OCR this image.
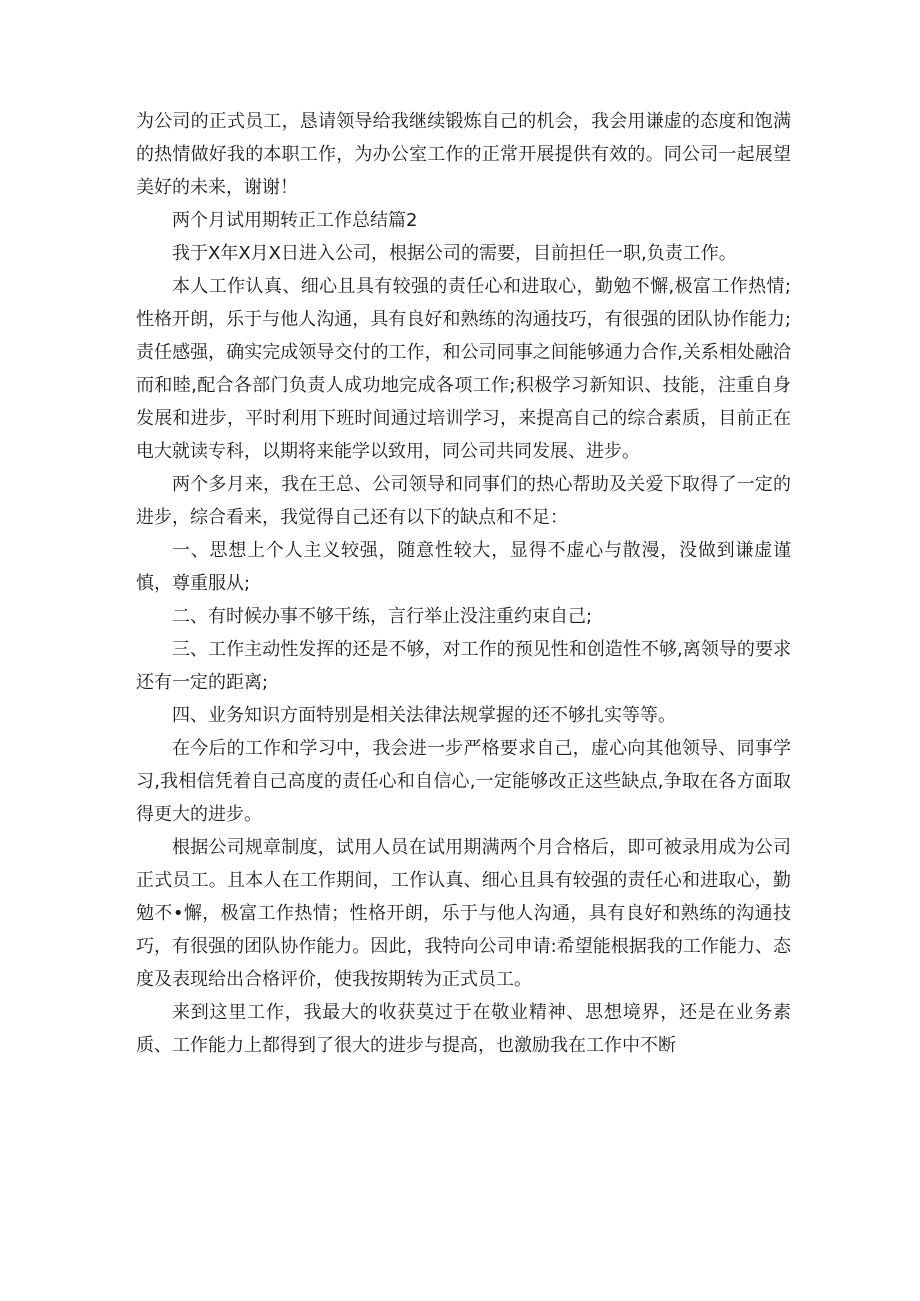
为公司的正式员工，恳请领导给我继续锻炼自己的机会，我会用谦虚的态度和饱满的热情做好我的本职工作，为办公室工作的正常开展提供有效的。同公司一起展望美好的未来，谢谢！

两个月试用期转正工作总结篇2

我于X年X月X日进入公司，根据公司的需要，目前担任一职,负责工作。

本人工作认真、细心且具有较强的责任心和进取心，勤勉不懈,极富工作热情;性格开朗，乐于与他人沟通，具有良好和熟练的沟通技巧，有很强的团队协作能力;责任感强，确实完成领导交付的工作，和公司同事之间能够通力合作,关系相处融洽而和睦,配合各部门负责人成功地完成各项工作;积极学习新知识、技能，注重自身发展和进步，平时利用下班时间通过培训学习，来提高自己的综合素质，目前正在电大就读专科，以期将来能学以致用，同公司共同发展、进步。

两个多月来，我在王总、公司领导和同事们的热心帮助及关爱下取得了一定的进步，综合看来，我觉得自己还有以下的缺点和不足：

一、思想上个人主义较强，随意性较大，显得不虚心与散漫，没做到谦虚谨慎，尊重服从;

二、有时候办事不够干练，言行举止没注重约束自己;

三、工作主动性发挥的还是不够，对工作的预见性和创造性不够,离领导的要求还有一定的距离;

四、业务知识方面特别是相关法律法规掌握的还不够扎实等等。

在今后的工作和学习中，我会进一步严格要求自己，虚心向其他领导、同事学习,我相信凭着自己高度的责任心和自信心,一定能够改正这些缺点,争取在各方面取得更大的进步。

根据公司规章制度，试用人员在试用期满两个月合格后，即可被录用成为公司正式员工。且本人在工作期间，工作认真、细心且具有较强的责任心和进取心，勤勉不•懈，极富工作热情；性格开朗，乐于与他人沟通，具有良好和熟练的沟通技巧，有很强的团队协作能力。因此，我特向公司申请:希望能根据我的工作能力、态度及表现给出合格评价，使我按期转为正式员工。

来到这里工作，我最大的收获莫过于在敬业精神、思想境界，还是在业务素质、工作能力上都得到了很大的进步与提高，也激励我在工作中不断
